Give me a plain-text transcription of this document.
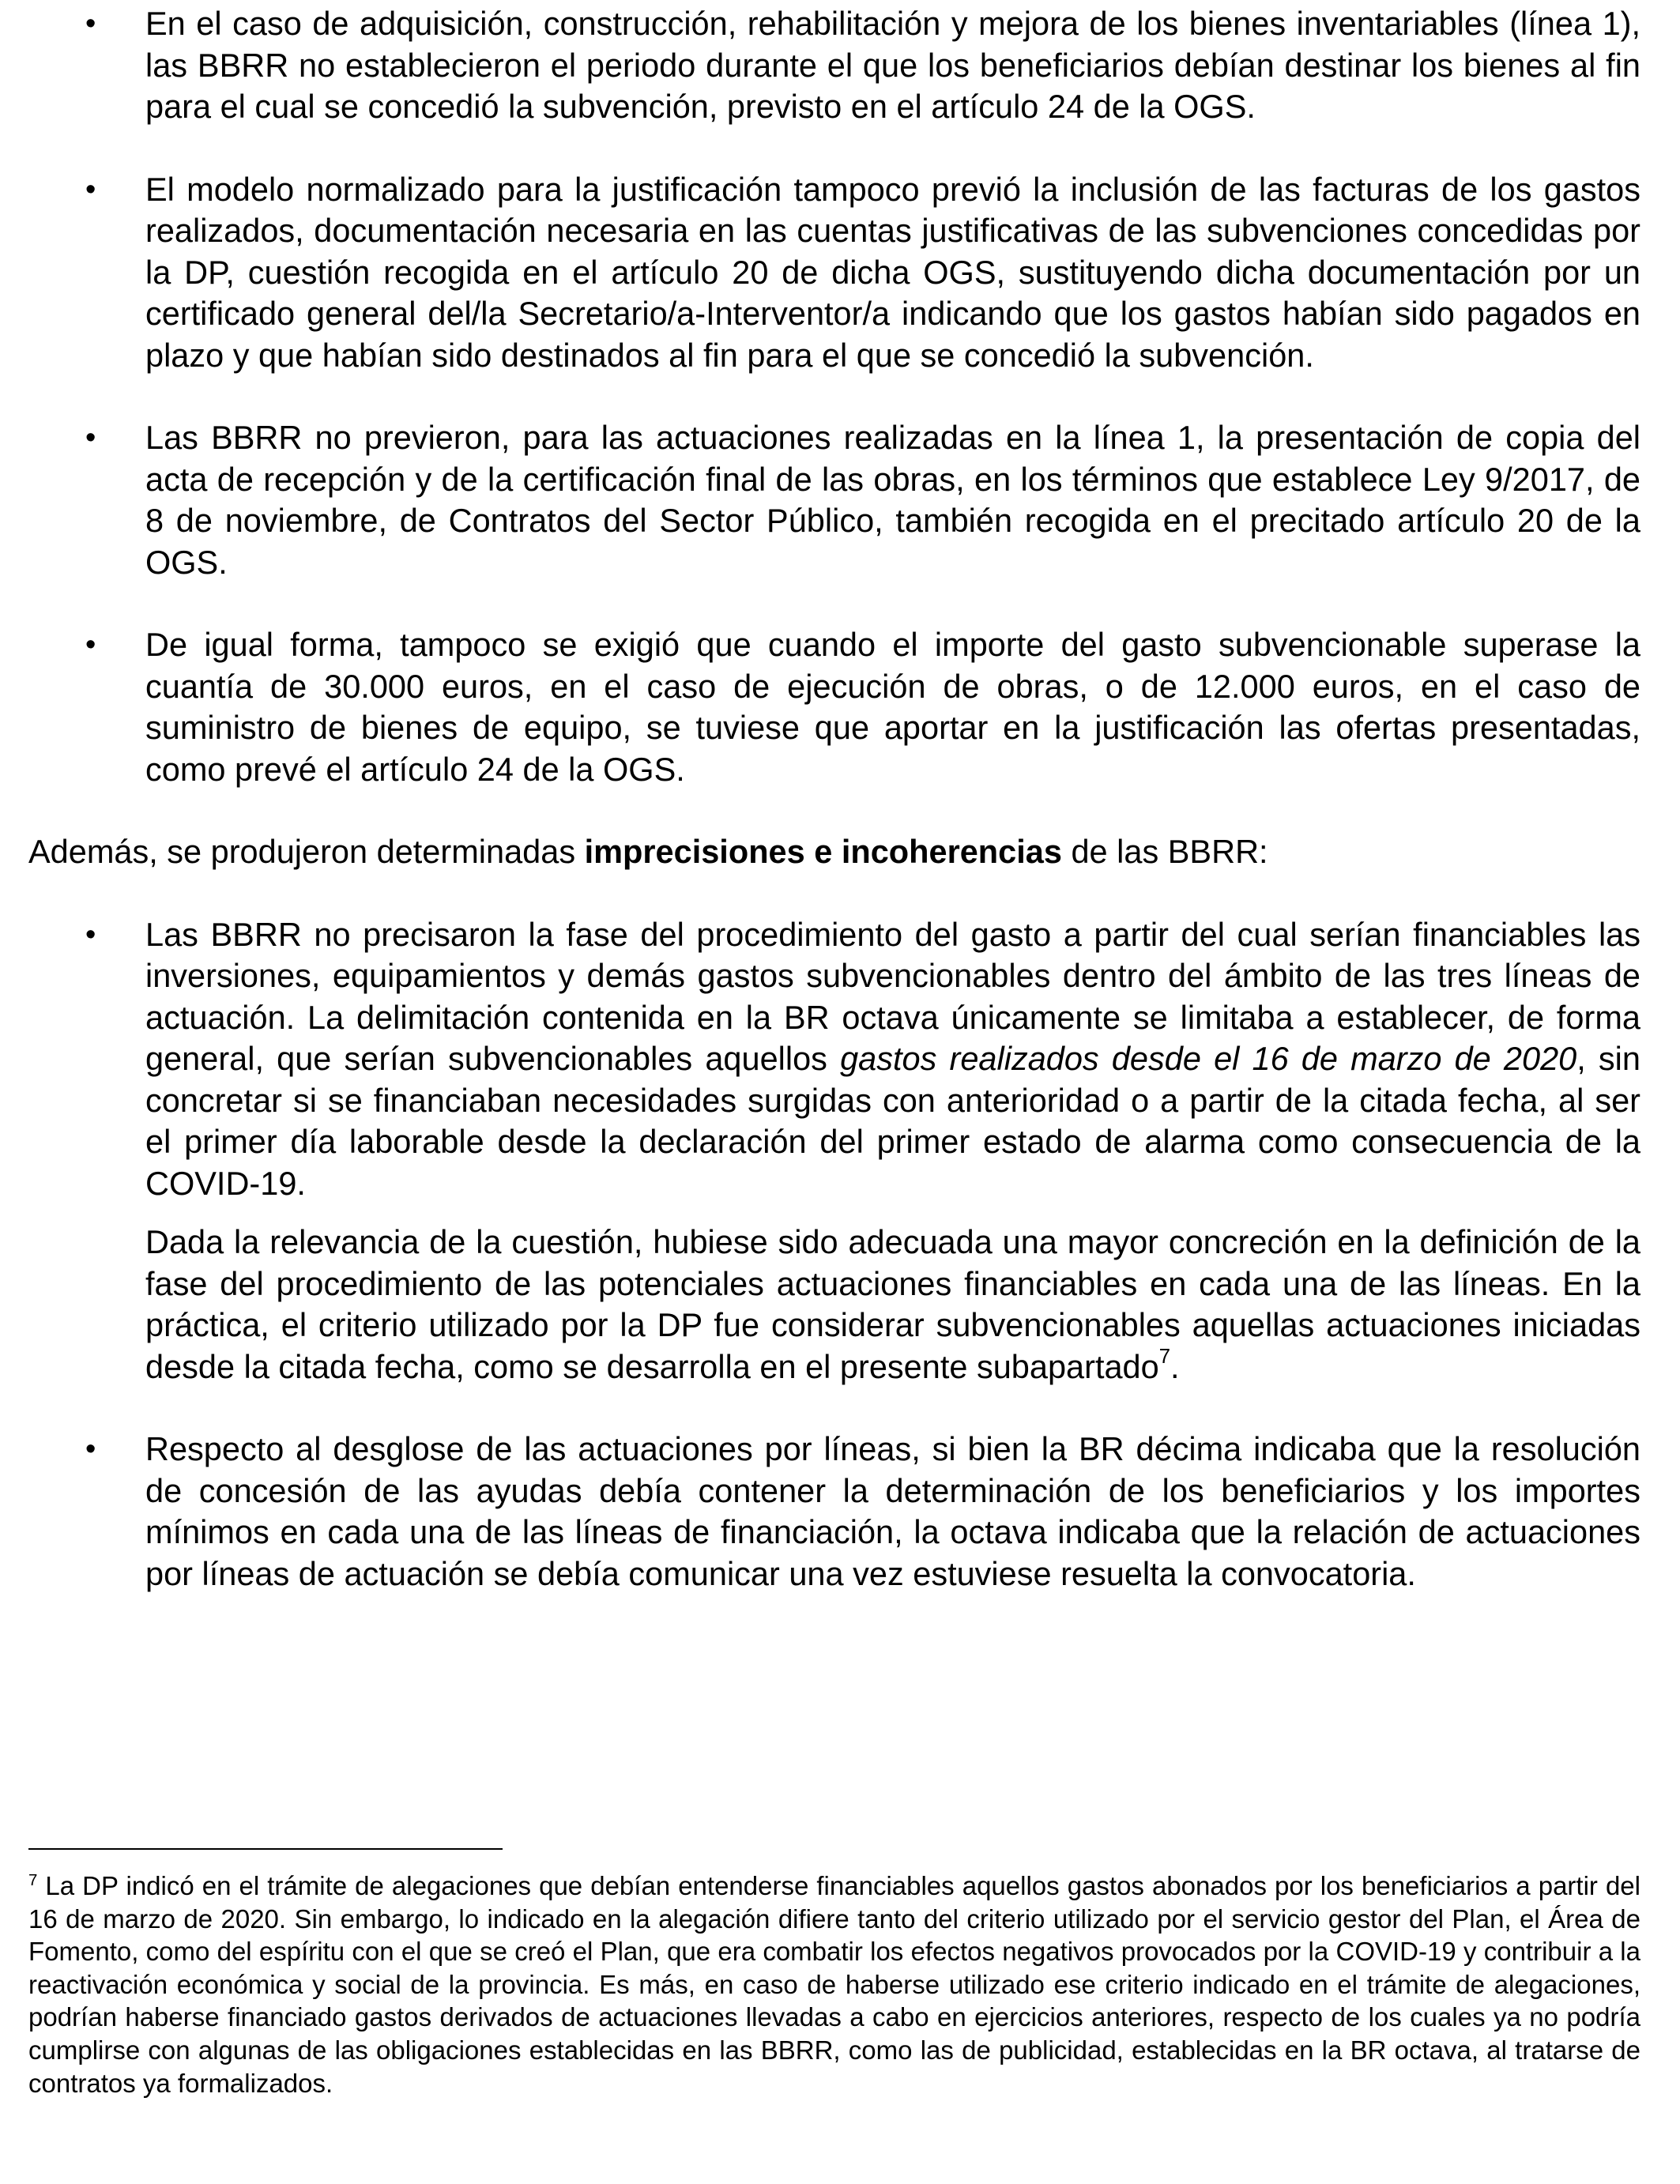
• En el caso de adquisición, construcción, rehabilitación y mejora de los bienes inventariables (línea 1), las BBRR no establecieron el periodo durante el que los beneficiarios debían destinar los bienes al fin para el cual se concedió la subvención, previsto en el artículo 24 de la OGS.

• El modelo normalizado para la justificación tampoco previó la inclusión de las facturas de los gastos realizados, documentación necesaria en las cuentas justificativas de las subvenciones concedidas por la DP, cuestión recogida en el artículo 20 de dicha OGS, sustituyendo dicha documentación por un certificado general del/la Secretario/a-Interventor/a indicando que los gastos habían sido pagados en plazo y que habían sido destinados al fin para el que se concedió la subvención.

• Las BBRR no previeron, para las actuaciones realizadas en la línea 1, la presentación de copia del acta de recepción y de la certificación final de las obras, en los términos que establece Ley 9/2017, de 8 de noviembre, de Contratos del Sector Público, también recogida en el precitado artículo 20 de la OGS.

• De igual forma, tampoco se exigió que cuando el importe del gasto subvencionable superase la cuantía de 30.000 euros, en el caso de ejecución de obras, o de 12.000 euros, en el caso de suministro de bienes de equipo, se tuviese que aportar en la justificación las ofertas presentadas, como prevé el artículo 24 de la OGS.

Además, se produjeron determinadas imprecisiones e incoherencias de las BBRR:

• Las BBRR no precisaron la fase del procedimiento del gasto a partir del cual serían financiables las inversiones, equipamientos y demás gastos subvencionables dentro del ámbito de las tres líneas de actuación. La delimitación contenida en la BR octava únicamente se limitaba a establecer, de forma general, que serían subvencionables aquellos gastos realizados desde el 16 de marzo de 2020, sin concretar si se financiaban necesidades surgidas con anterioridad o a partir de la citada fecha, al ser el primer día laborable desde la declaración del primer estado de alarma como consecuencia de la COVID-19.

Dada la relevancia de la cuestión, hubiese sido adecuada una mayor concreción en la definición de la fase del procedimiento de las potenciales actuaciones financiables en cada una de las líneas. En la práctica, el criterio utilizado por la DP fue considerar subvencionables aquellas actuaciones iniciadas desde la citada fecha, como se desarrolla en el presente subapartado$^7$.

• Respecto al desglose de las actuaciones por líneas, si bien la BR décima indicaba que la resolución de concesión de las ayudas debía contener la determinación de los beneficiarios y los importes mínimos en cada una de las líneas de financiación, la octava indicaba que la relación de actuaciones por líneas de actuación se debía comunicar una vez estuviese resuelta la convocatoria.

$^7$ La DP indicó en el trámite de alegaciones que debían entenderse financiables aquellos gastos abonados por los beneficiarios a partir del 16 de marzo de 2020. Sin embargo, lo indicado en la alegación difiere tanto del criterio utilizado por el servicio gestor del Plan, el Área de Fomento, como del espíritu con el que se creó el Plan, que era combatir los efectos negativos provocados por la COVID-19 y contribuir a la reactivación económica y social de la provincia. Es más, en caso de haberse utilizado ese criterio indicado en el trámite de alegaciones, podrían haberse financiado gastos derivados de actuaciones llevadas a cabo en ejercicios anteriores, respecto de los cuales ya no podría cumplirse con algunas de las obligaciones establecidas en las BBRR, como las de publicidad, establecidas en la BR octava, al tratarse de contratos ya formalizados.
